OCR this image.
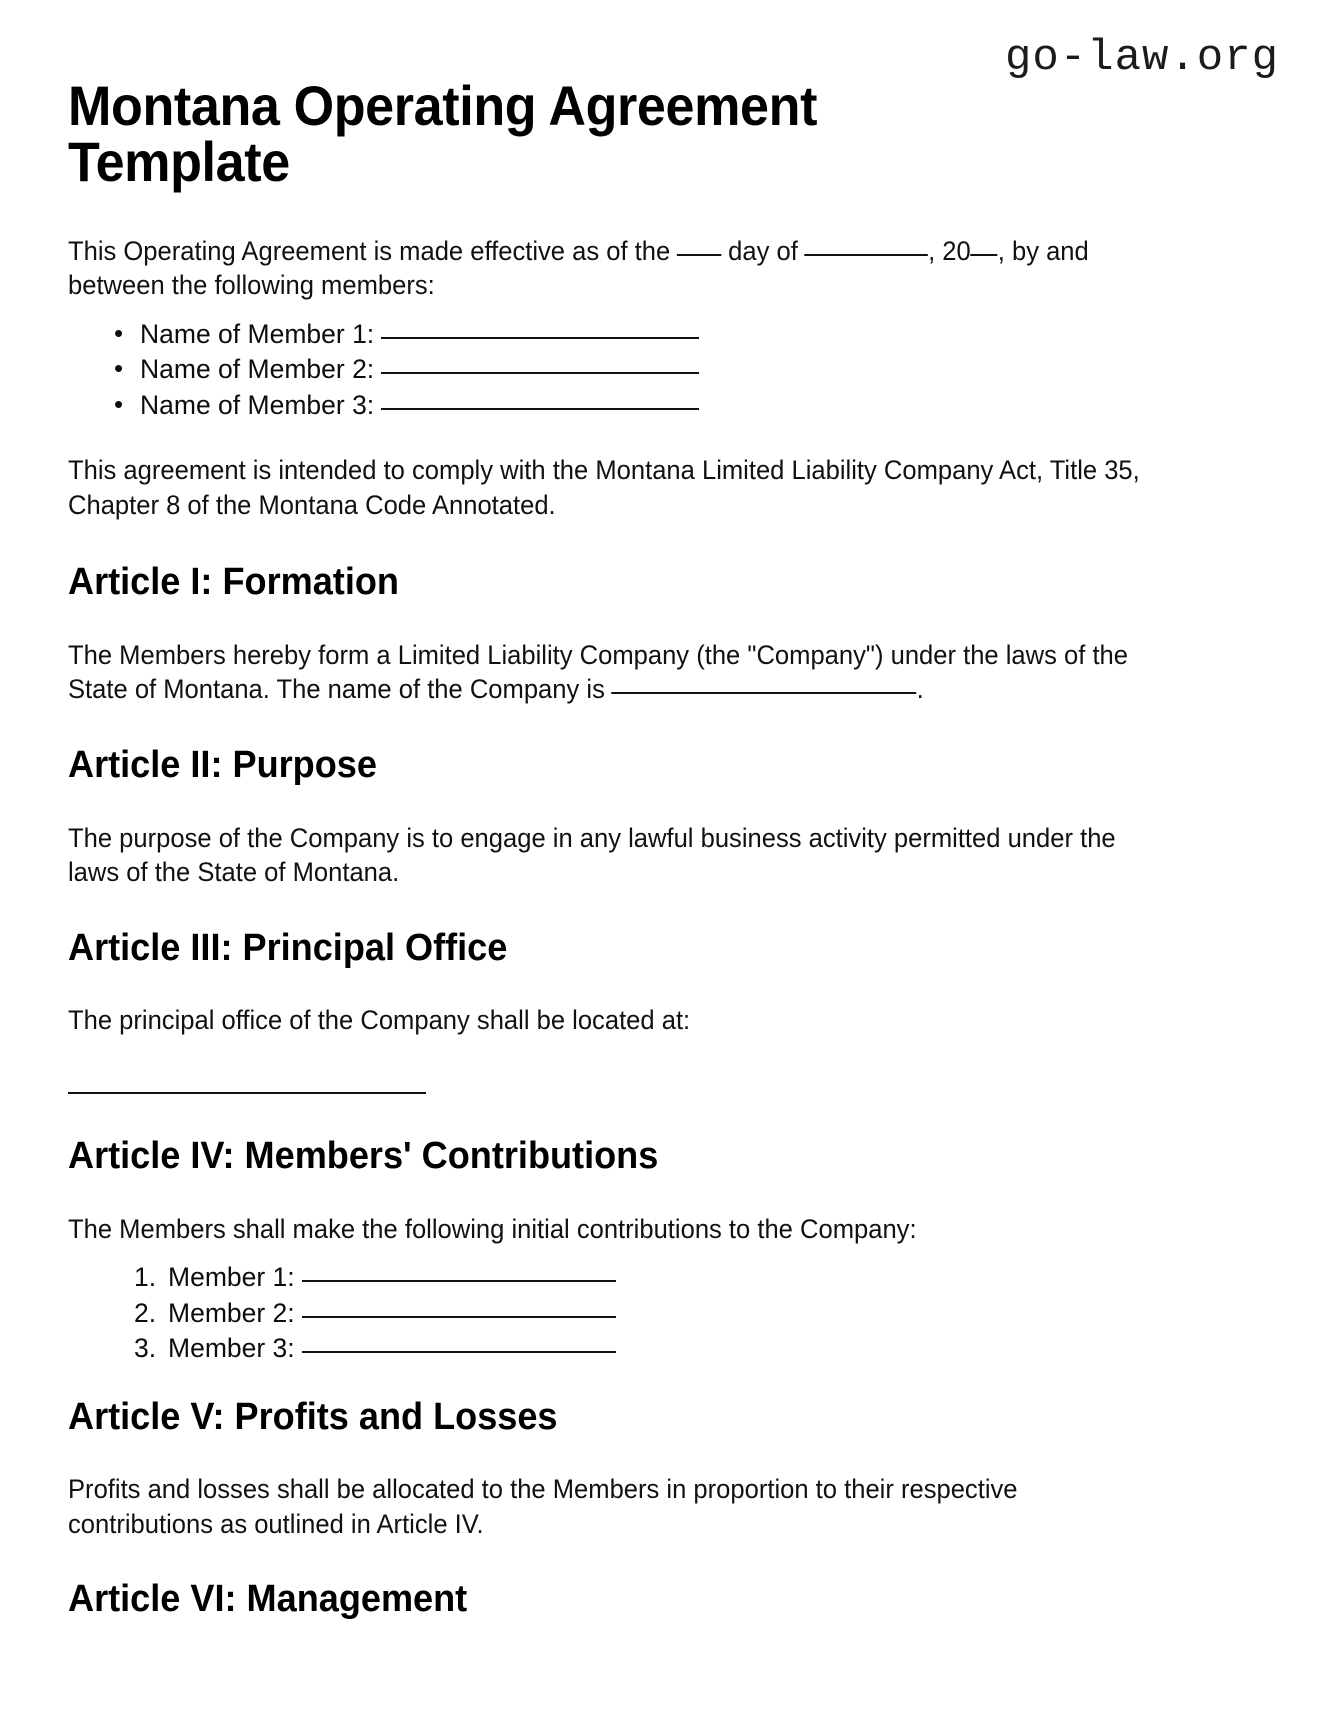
go-law.org
Montana Operating Agreement
Template

This Operating Agreement is made effective as of the day of	, 20 , by and between the following members:

• Name of Member 1:
• Name of Member 2:
• Name of Member 3:

This agreement is intended to comply with the Montana Limited Liability Company Act, Title 35, Chapter 8 of the Montana Code Annotated.

Article I: Formation

The Members hereby form a Limited Liability Company (the "Company") under the laws of the State of Montana. The name of the Company is	.

Article II: Purpose

The purpose of the Company is to engage in any lawful business activity permitted under the laws of the State of Montana.

Article III: Principal Office

The principal office of the Company shall be located at:

Article IV: Members' Contributions

The Members shall make the following initial contributions to the Company:

Member 1:
Member 2:
Member 3:
Article V: Profits and Losses

Profits and losses shall be allocated to the Members in proportion to their respective contributions as outlined in Article IV.

Article VI: Management
